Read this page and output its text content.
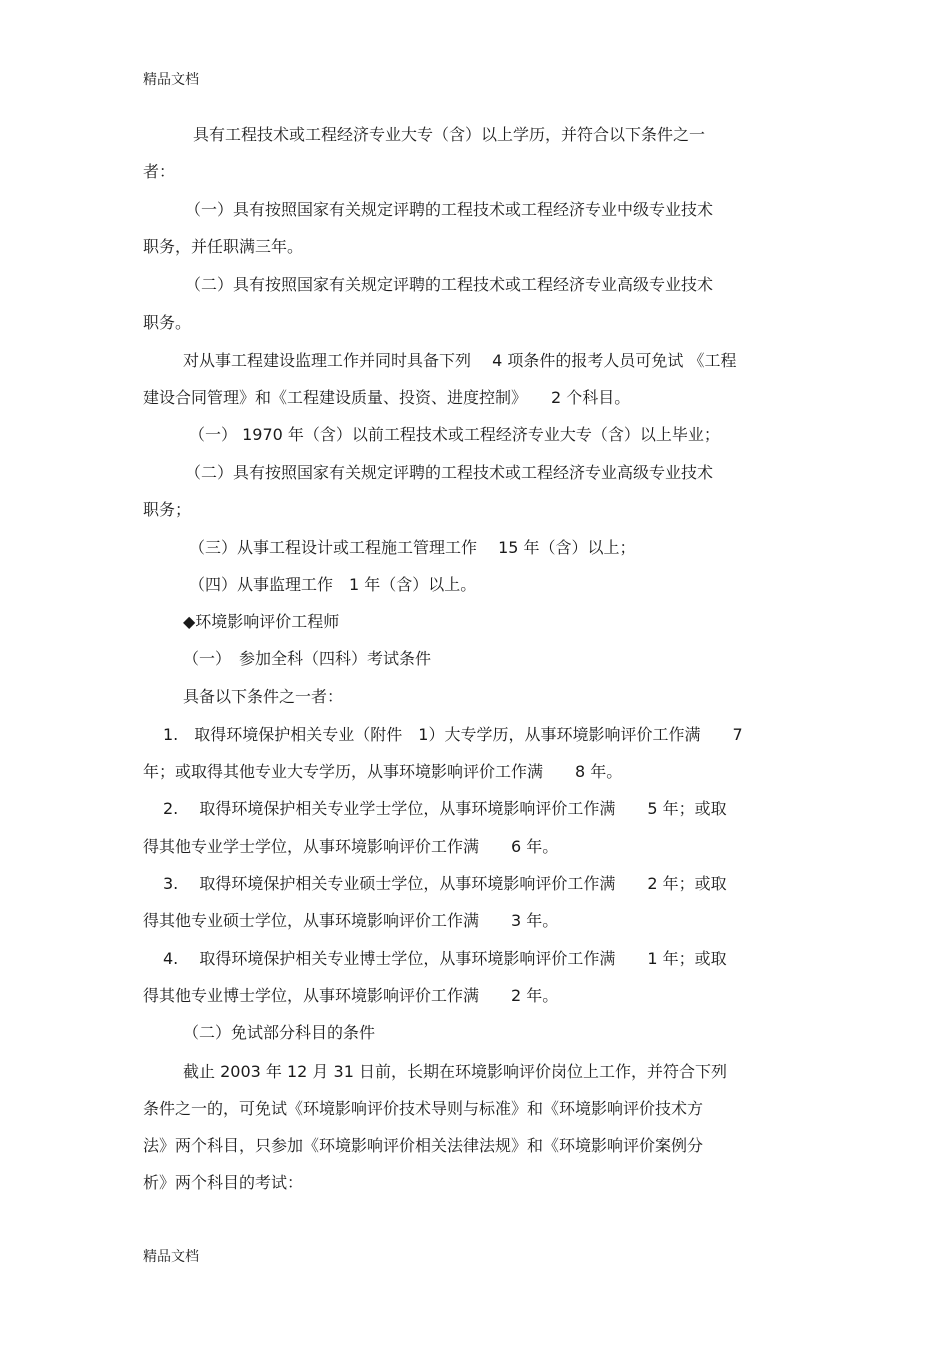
精品文档
具有工程技术或工程经济专业大专（含）以上学历，并符合以下条件之一
者：
（一）具有按照国家有关规定评聘的工程技术或工程经济专业中级专业技术
职务，并任职满三年。
（二）具有按照国家有关规定评聘的工程技术或工程经济专业高级专业技术
职务。
对从事工程建设监理工作并同时具备下列　 4 项条件的报考人员可免试 《工程
建设合同管理》和《工程建设质量、投资、进度控制》　　2 个科目。
（一） 1970 年（含）以前工程技术或工程经济专业大专（含）以上毕业；
（二）具有按照国家有关规定评聘的工程技术或工程经济专业高级专业技术
职务；
（三）从事工程设计或工程施工管理工作　 15 年（含）以上；
（四）从事监理工作　1 年（含）以上。
◆环境影响评价工程师
（一）　参加全科（四科）考试条件
具备以下条件之一者：
1.　取得环境保护相关专业（附件　1）大专学历，从事环境影响评价工作满　　7
年；或取得其他专业大专学历，从事环境影响评价工作满　　8 年。
2.　 取得环境保护相关专业学士学位，从事环境影响评价工作满　　5 年；或取
得其他专业学士学位，从事环境影响评价工作满　　6 年。
3.　 取得环境保护相关专业硕士学位，从事环境影响评价工作满　　2 年；或取
得其他专业硕士学位，从事环境影响评价工作满　　3 年。
4.　 取得环境保护相关专业博士学位，从事环境影响评价工作满　　1 年；或取
得其他专业博士学位，从事环境影响评价工作满　　2 年。
（二）免试部分科目的条件
截止 2003 年 12 月 31 日前，长期在环境影响评价岗位上工作，并符合下列
条件之一的，可免试《环境影响评价技术导则与标准》和《环境影响评价技术方
法》两个科目，只参加《环境影响评价相关法律法规》和《环境影响评价案例分
析》两个科目的考试：
精品文档
